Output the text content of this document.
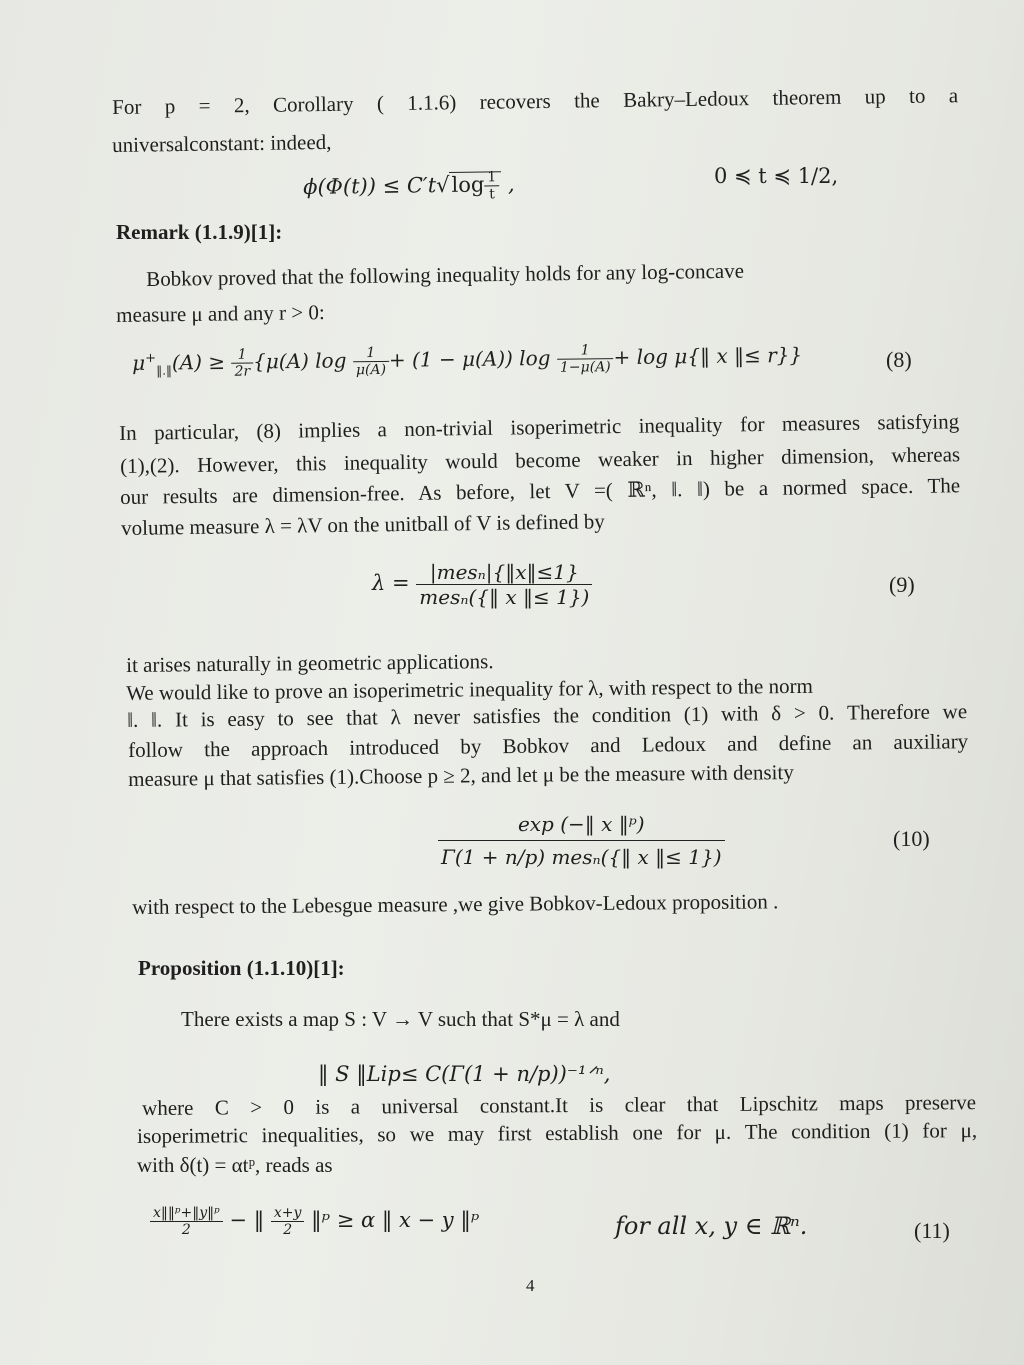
For p = 2, Corollary ( 1.1.6) recovers the Bakry–Ledoux theorem up to a
universalconstant: indeed,
$\phi(\Phi(t)) \le C't√\log \frac{1}{t}$ ,	0 ≼ t ≼ 1/2,
Remark (1.1.9)[1]:
Bobkov proved that the following inequality holds for any log-concave
measure μ and any r > 0:
$\mu^+_{‖.‖}(A) \ge \frac{1}{2r} \{\mu(A)$ $\log \frac{1}{\mu(A)} + (1 - \mu(A))$ $\log \frac{1}{1-\mu(A)} + \log$ μ{‖ x ‖≤ r}}	(8)
In particular, (8) implies a non-trivial isoperimetric inequality for measures satisfying
(1),(2). However, this inequality would become weaker in higher dimension, whereas
our results are dimension-free. As before, let V =( ℝⁿ, ‖. ‖) be a normed space. The
volume measure λ = λV on the unitball of V is defined by
$\lambda = \frac{\text{|mesₙ|\{‖x‖≤1\}}}{\text{mesₙ(\{‖ x ‖≤ 1\})}}$	(9)
it arises naturally in geometric applications.
We would like to prove an isoperimetric inequality for λ, with respect to the norm
‖. ‖. It is easy to see that λ never satisfies the condition (1) with δ > 0. Therefore we
follow the approach introduced by Bobkov and Ledoux and define an auxiliary
measure μ that satisfies (1).Choose p ≥ 2, and let μ be the measure with density
$\frac{\text{exp (−‖ x ‖ᵖ)}}{\text{Γ(1 + n/p) mesₙ(\{‖ x ‖≤ 1\})}}$	(10)
with respect to the Lebesgue measure ,we give Bobkov-Ledoux proposition .
Proposition (1.1.10)[1]:
There exists a map S : V → V such that S*μ = λ and
‖ S ‖Lip≤ C(Γ(1 + n/p))⁻¹ᐟⁿ,
where C > 0 is a universal constant.It is clear that Lipschitz maps preserve
isoperimetric inequalities, so we may first establish one for μ. The condition (1) for μ,
with δ(t) = αtᵖ, reads as
$\frac{\text{x‖‖ᵖ+‖y‖ᵖ}}{2}$ − ‖ $\frac{x+y}{2}$ ‖ᵖ ≥ α ‖ x − y ‖ᵖ	for all x, y ∈ ℝⁿ.	(11)
4
